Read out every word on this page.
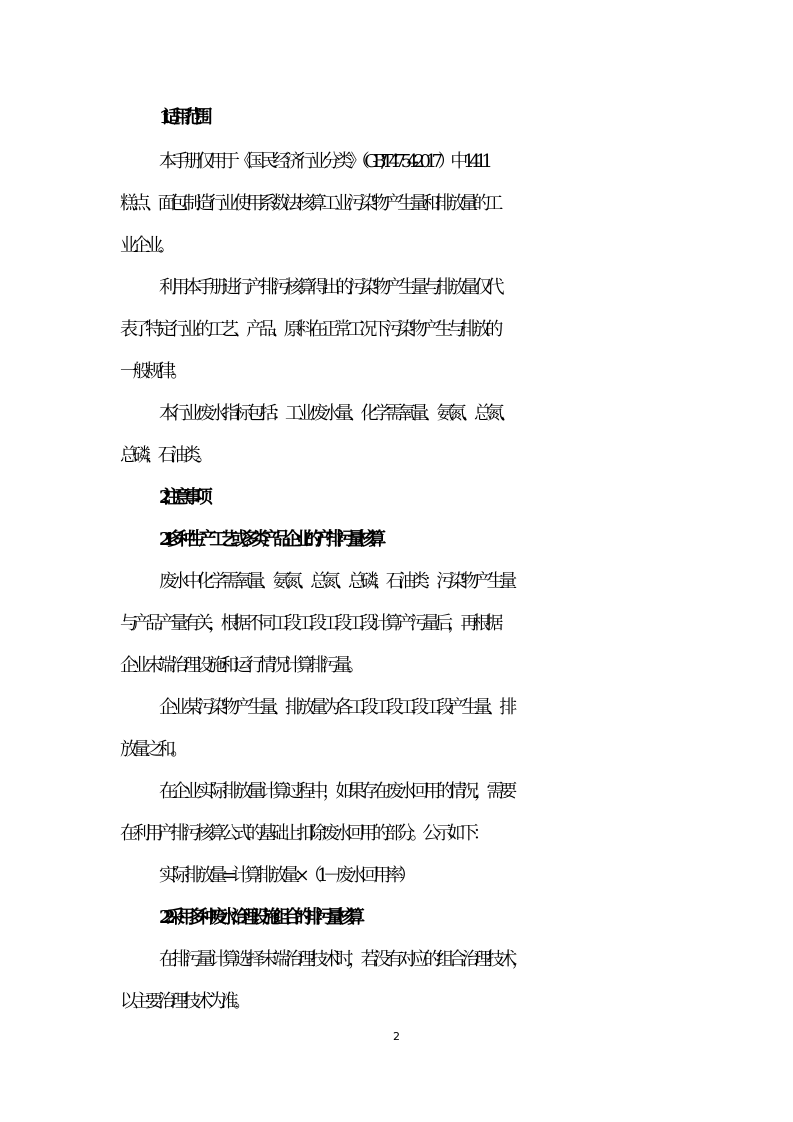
1.适用范围
本手册仅用于《国民经济行业分类》（GB/T 4754-2017）中 1411
糕点、面包制造行业使用系数法核算工业污染物产生量和排放量的工
业企业。
利用本手册进行产排污核算得出的污染物产生量与排放量仅代
表了特定行业的工艺、产品、原料在正常工况下污染物产生与排放的
一般规律。
本行业废水指标包括：工业废水量、化学需氧量、氨氮、总氮、
总磷、石油类。
2.注意事项
2.1 多种生产工艺或多类产品企业的产排污量核算
废水中化学需氧量、氨氮、总氮、总磷、石油类：污染物产生量
与产品产量有关，根据不同工段工段工段工段计算产污量后，再根据
企业末端治理设施和运行情况计算排污量。
企业某污染物产生量、排放量为各工段工段工段工段产生量、排
放量之和。
在企业实际排放量计算过程中，如果存在废水回用的情况，需要
在利用产排污核算公式的基础上扣除废水回用的部分。公示如下：
实际排放量=计算排放量×（1－废水回用率）
2.2 采用多种废水治理设施组合的排污量核算
在排污量计算选择末端治理技术时，若没有对应的组合治理技术，
以主要治理技术为准。
2
